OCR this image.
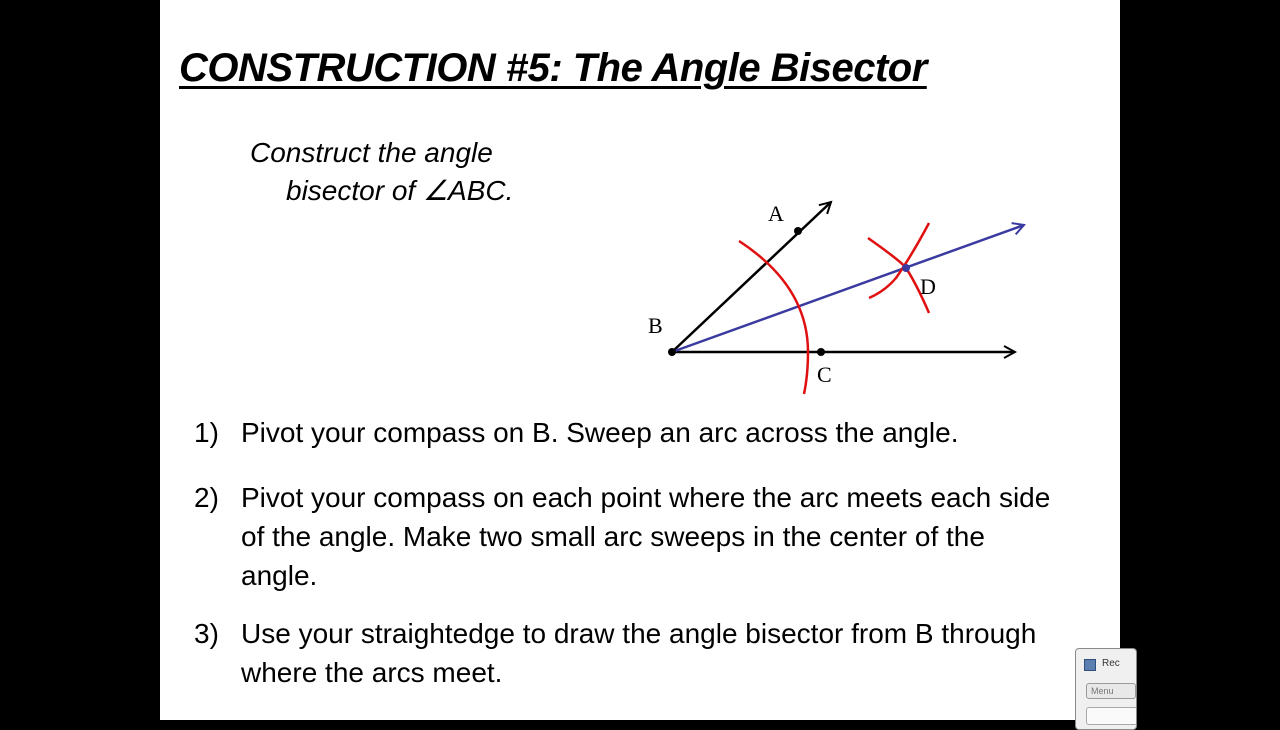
CONSTRUCTION #5: The Angle Bisector
Construct the angle
bisector of ∠ABC.
A
B
C
D
1) Pivot your compass on B. Sweep an arc across the angle.
2) Pivot your compass on each point where the arc meets each side of the angle. Make two small arc sweeps in the center of the angle.
3) Use your straightedge to draw the angle bisector from B through where the arcs meet.	Rec
Menu
